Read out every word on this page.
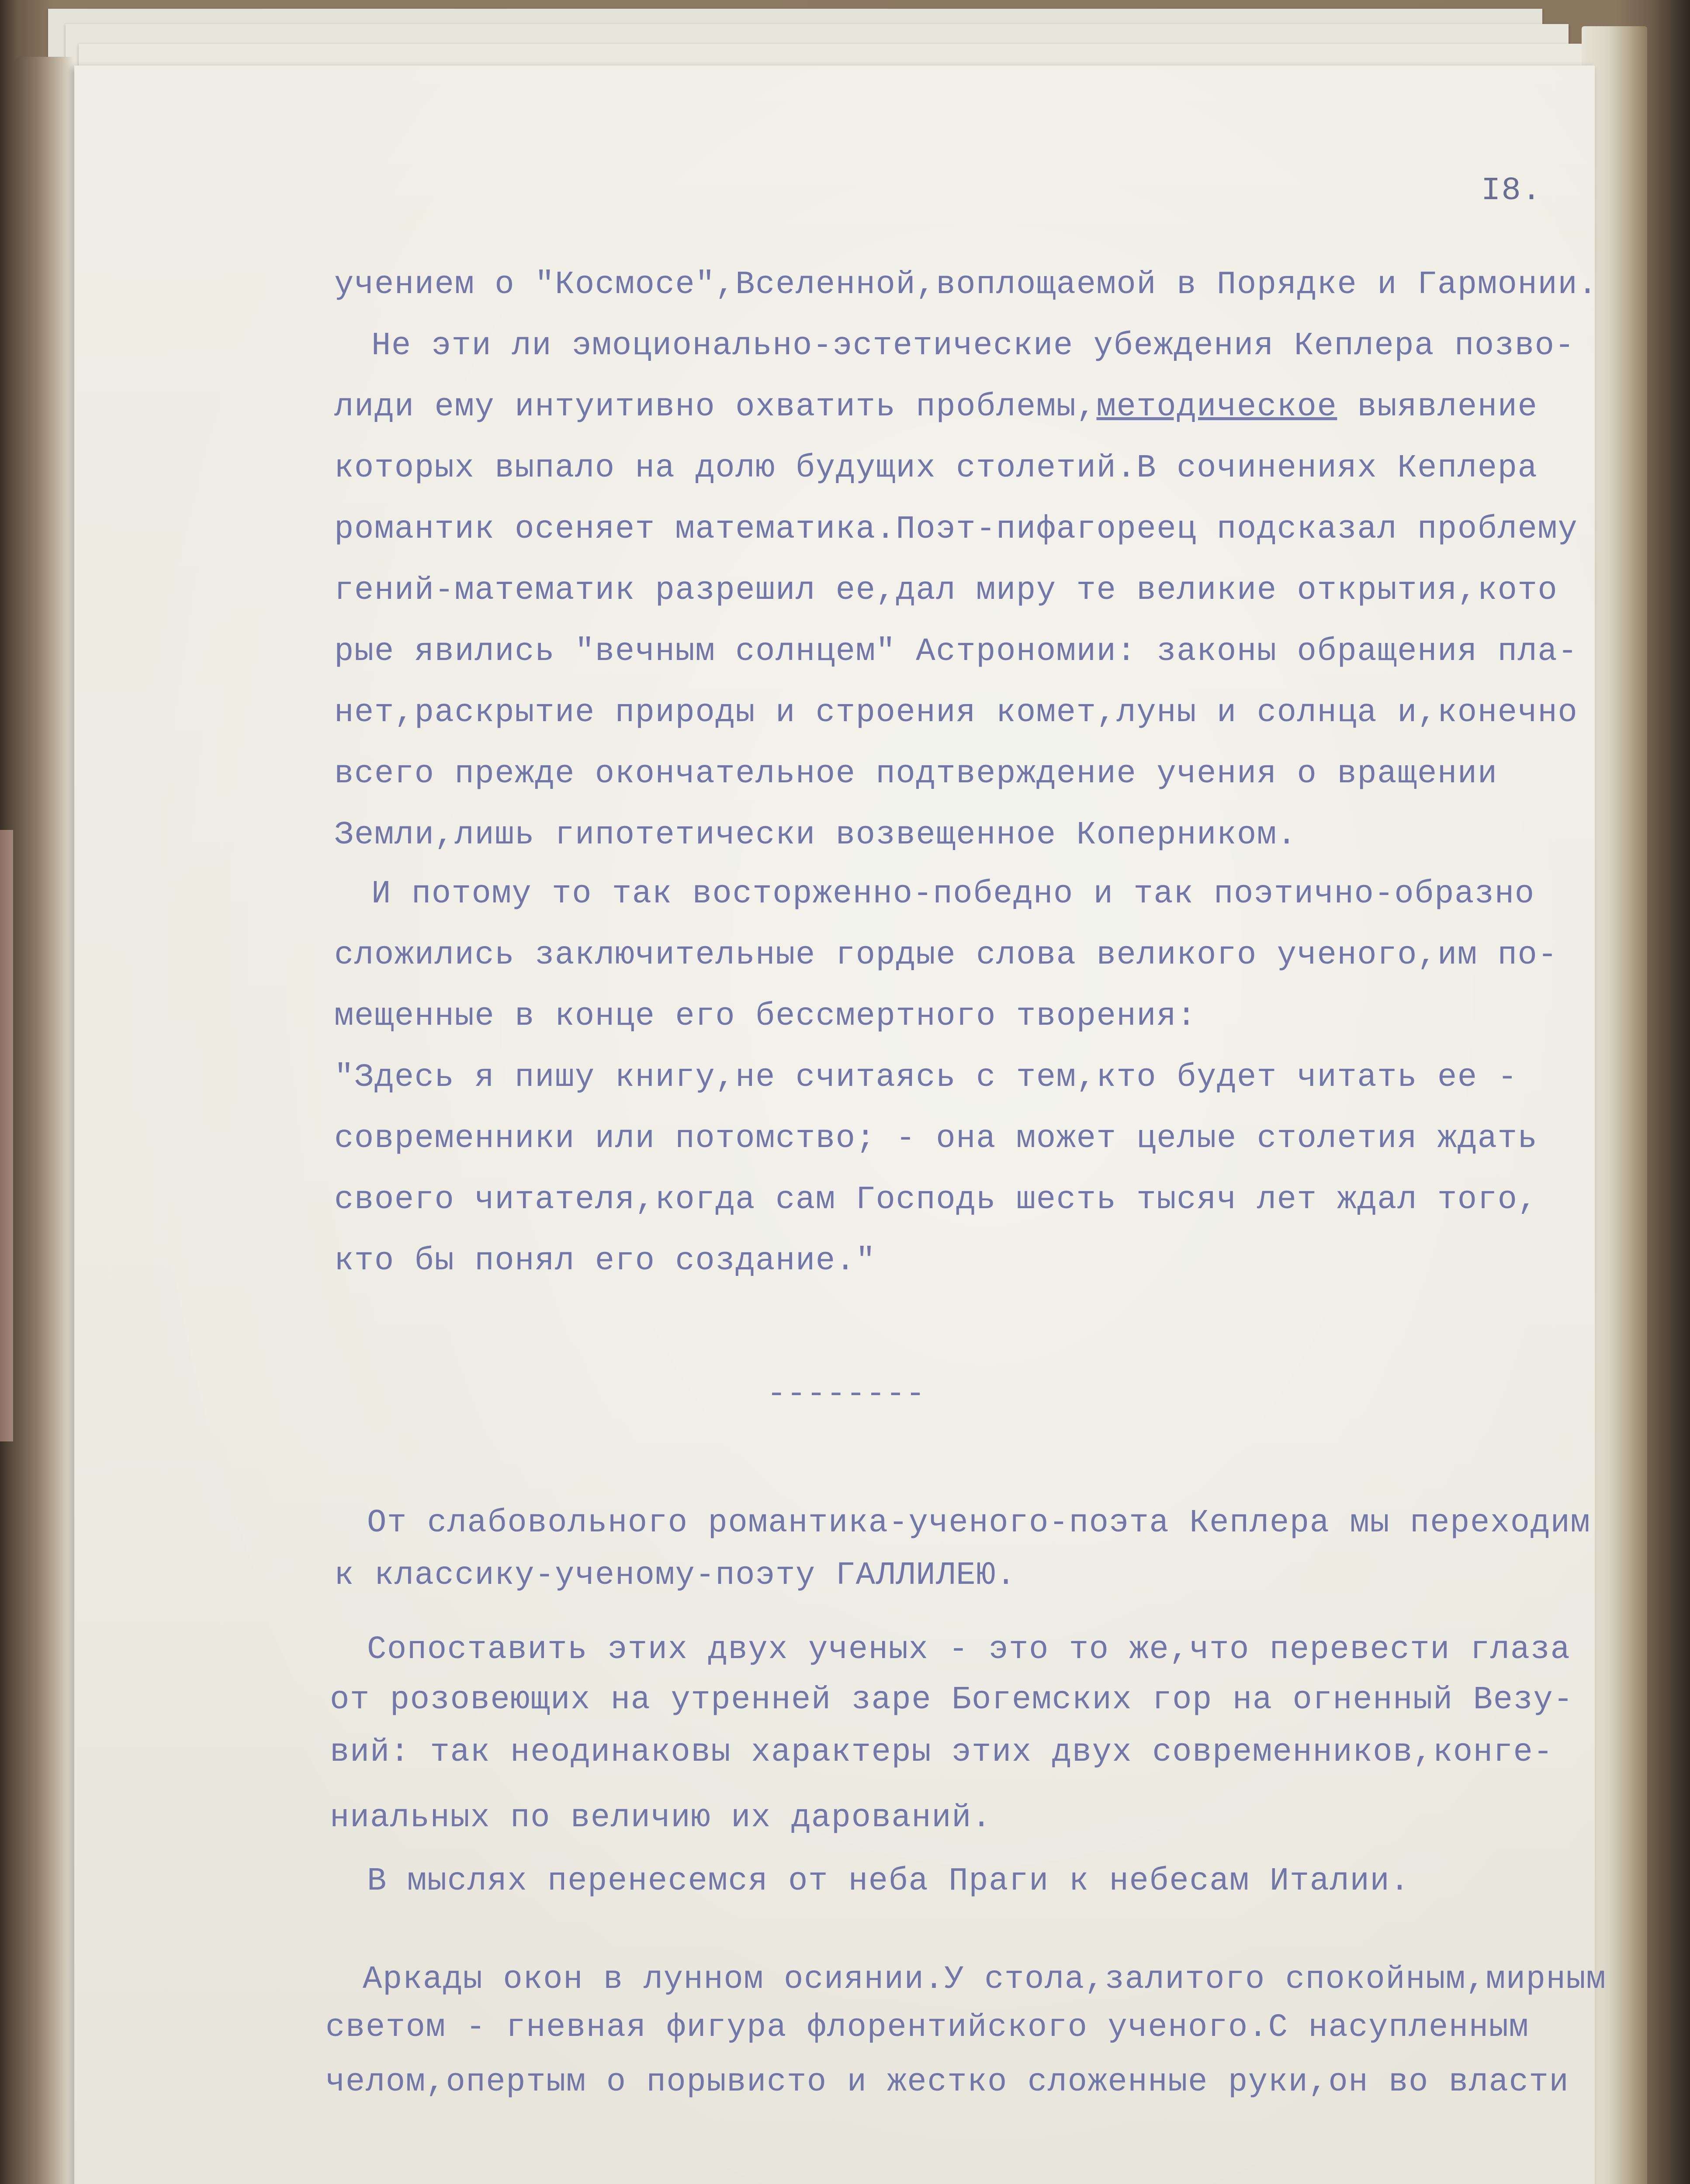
I8.
учением о "Космосе",Вселенной,воплощаемой в Порядке и Гармонии.
Не эти ли эмоционально-эстетические убеждения Кеплера позво-
лиди ему интуитивно охватить проблемы,методическое выявление
которых выпало на долю будущих столетий.В сочинениях Кеплера
романтик осеняет математика.Поэт-пифагореец подсказал проблему
гений-математик разрешил ее,дал миру те великие открытия,кото
рые явились "вечным солнцем" Астрономии: законы обращения пла-
нет,раскрытие природы и строения комет,луны и солнца и,конечно
всего прежде окончательное подтверждение учения о вращении
Земли,лишь гипотетически возвещенное Коперником.
И потому то так восторженно-победно и так поэтично-образно
сложились заключительные гордые слова великого ученого,им по-
мещенные в конце его бессмертного творения:
"Здесь я пишу книгу,не считаясь с тем,кто будет читать ее -
современники или потомство; - она может целые столетия ждать
своего читателя,когда сам Господь шесть тысяч лет ждал того,
кто бы понял его создание."
--------
От слабовольного романтика-ученого-поэта Кеплера мы переходим
к классику-ученому-поэту ГАЛЛИЛЕЮ.
Сопоставить этих двух ученых - это то же,что перевести глаза
от розовеющих на утренней заре Богемских гор на огненный Везу-
вий: так неодинаковы характеры этих двух современников,конге-
ниальных по величию их дарований.
В мыслях перенесемся от неба Праги к небесам Италии.
Аркады окон в лунном осиянии.У стола,залитого спокойным,мирным
светом - гневная фигура флорентийского ученого.С насупленным
челом,опертым о порывисто и жестко сложенные руки,он во власти
